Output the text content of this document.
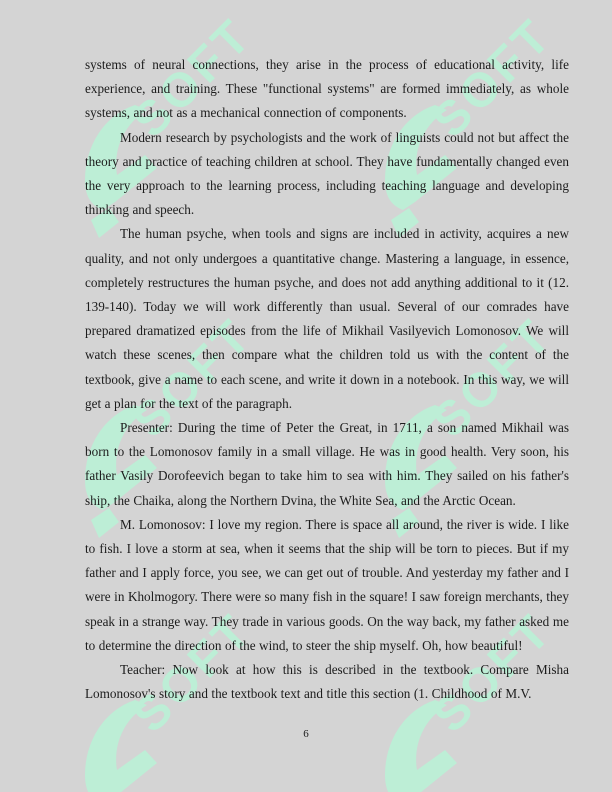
systems of neural connections, they arise in the process of educational activity, life experience, and training. These "functional systems" are formed immediately, as whole systems, and not as a mechanical connection of components.

Modern research by psychologists and the work of linguists could not but affect the theory and practice of teaching children at school. They have fundamentally changed even the very approach to the learning process, including teaching language and developing thinking and speech.

The human psyche, when tools and signs are included in activity, acquires a new quality, and not only undergoes a quantitative change. Mastering a language, in essence, completely restructures the human psyche, and does not add anything additional to it (12. 139-140). Today we will work differently than usual. Several of our comrades have prepared dramatized episodes from the life of Mikhail Vasilyevich Lomonosov. We will watch these scenes, then compare what the children told us with the content of the textbook, give a name to each scene, and write it down in a notebook. In this way, we will get a plan for the text of the paragraph.

Presenter: During the time of Peter the Great, in 1711, a son named Mikhail was born to the Lomonosov family in a small village. He was in good health. Very soon, his father Vasily Dorofeevich began to take him to sea with him. They sailed on his father's ship, the Chaika, along the Northern Dvina, the White Sea, and the Arctic Ocean.

M. Lomonosov: I love my region. There is space all around, the river is wide. I like to fish. I love a storm at sea, when it seems that the ship will be torn to pieces. But if my father and I apply force, you see, we can get out of trouble. And yesterday my father and I were in Kholmogory. There were so many fish in the square! I saw foreign merchants, they speak in a strange way. They trade in various goods. On the way back, my father asked me to determine the direction of the wind, to steer the ship myself. Oh, how beautiful!

Teacher: Now look at how this is described in the textbook. Compare Misha Lomonosov's story and the textbook text and title this section (1. Childhood of M.V.

6
